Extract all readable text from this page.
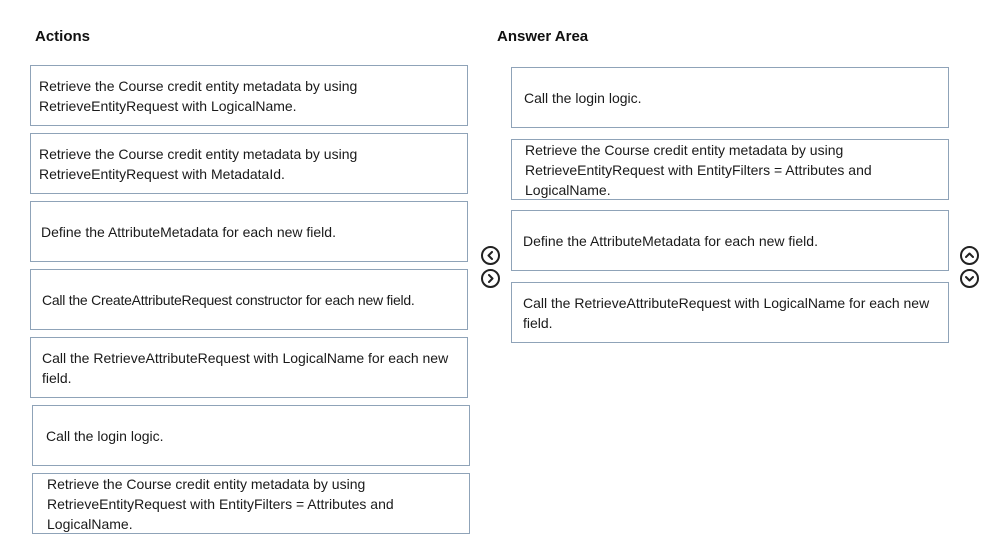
Actions	Answer Area
Retrieve the Course credit entity metadata by using RetrieveEntityRequest with LogicalName.
Retrieve the Course credit entity metadata by using RetrieveEntityRequest with MetadataId.
Define the AttributeMetadata for each new field.
Call the CreateAttributeRequest constructor for each new field.
Call the RetrieveAttributeRequest with LogicalName for each new field.
Call the login logic.
Retrieve the Course credit entity metadata by using RetrieveEntityRequest with EntityFilters = Attributes and LogicalName.
Call the login logic.
Retrieve the Course credit entity metadata by using RetrieveEntityRequest with EntityFilters = Attributes and LogicalName.
Define the AttributeMetadata for each new field.
Call the RetrieveAttributeRequest with LogicalName for each new field.
